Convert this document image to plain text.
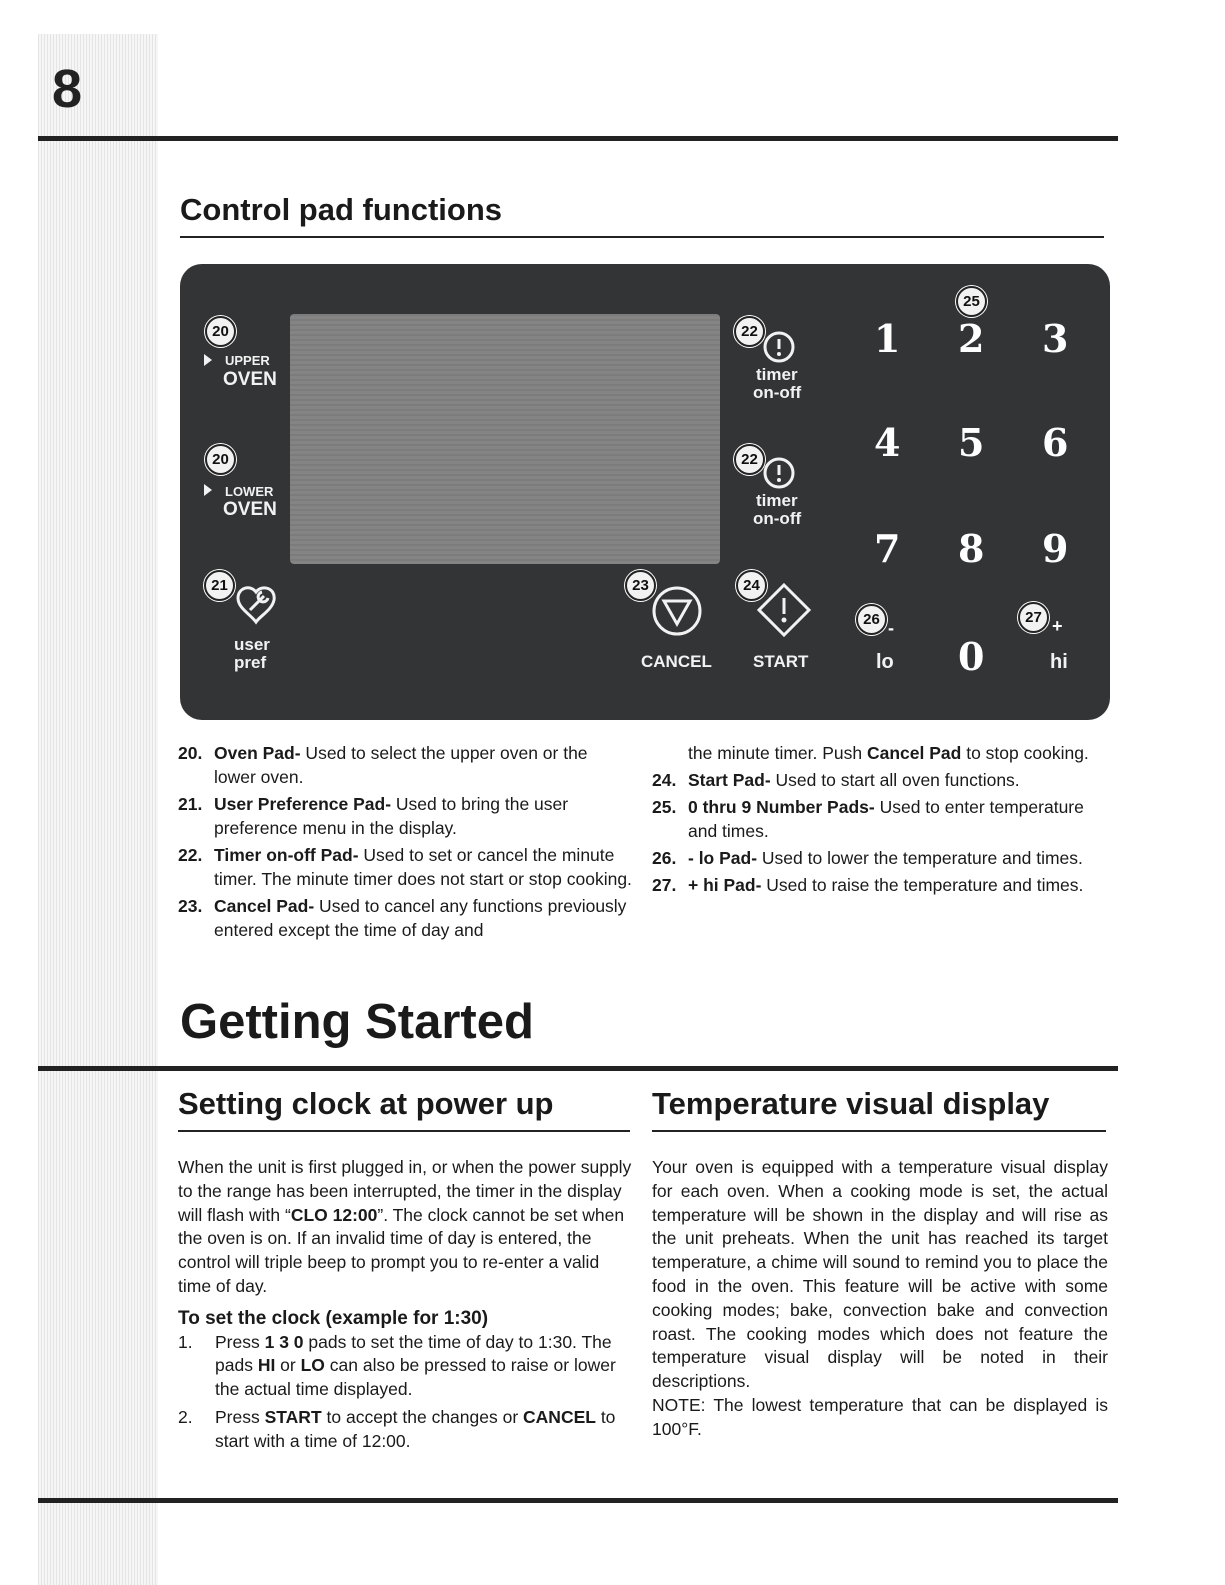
8
Control pad functions
20
UPPER
OVEN
20
LOWER
OVEN
21
user
pref
22
timer
on-off
22
timer
on-off
23
CANCEL
24
START
25
1 2 3
4 5 6
7 8 9
0
26 -
lo
27 +
hi
20. Oven Pad- Used to select the upper oven or the lower oven.
21. User Preference Pad- Used to bring the user preference menu in the display.
22. Timer on-off Pad- Used to set or cancel the minute timer. The minute timer does not start or stop cooking.
23. Cancel Pad- Used to cancel any functions previously entered except the time of day and
the minute timer. Push Cancel Pad to stop cooking.
24. Start Pad- Used to start all oven functions.
25. 0 thru 9 Number Pads- Used to enter temperature and times.
26. - lo Pad- Used to lower the temperature and times.
27. + hi Pad- Used to raise the temperature and times.
Getting Started
Setting clock at power up	Temperature visual display
When the unit is first plugged in, or when the power supply to the range has been interrupted, the timer in the display will flash with “CLO 12:00”. The clock cannot be set when the oven is on. If an invalid time of day is entered, the control will triple beep to prompt you to re-enter a valid time of day.
To set the clock (example for 1:30)
1. Press 1 3 0 pads to set the time of day to 1:30. The pads HI or LO can also be pressed to raise or lower the actual time displayed.
2. Press START to accept the changes or CANCEL to start with a time of 12:00.
Your oven is equipped with a temperature visual display for each oven. When a cooking mode is set, the actual temperature will be shown in the display and will rise as the unit preheats. When the unit has reached its target temperature, a chime will sound to remind you to place the food in the oven. This feature will be active with some cooking modes; bake, convection bake and convection roast. The cooking modes which does not feature the temperature visual display will be noted in their descriptions.
NOTE: The lowest temperature that can be displayed is 100°F.
